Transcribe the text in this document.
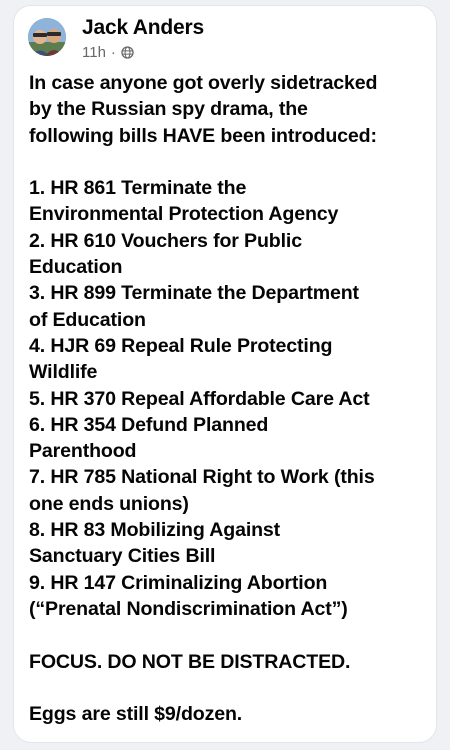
Jack Anders
11h ·

In case anyone got overly sidetracked
by the Russian spy drama, the
following bills HAVE been introduced:

1. HR 861 Terminate the
Environmental Protection Agency
2. HR 610 Vouchers for Public
Education
3. HR 899 Terminate the Department
of Education
4. HJR 69 Repeal Rule Protecting
Wildlife
5. HR 370 Repeal Affordable Care Act
6. HR 354 Defund Planned
Parenthood
7. HR 785 National Right to Work (this
one ends unions)
8. HR 83 Mobilizing Against
Sanctuary Cities Bill
9. HR 147 Criminalizing Abortion
(“Prenatal Nondiscrimination Act”)

FOCUS. DO NOT BE DISTRACTED.

Eggs are still $9/dozen.
